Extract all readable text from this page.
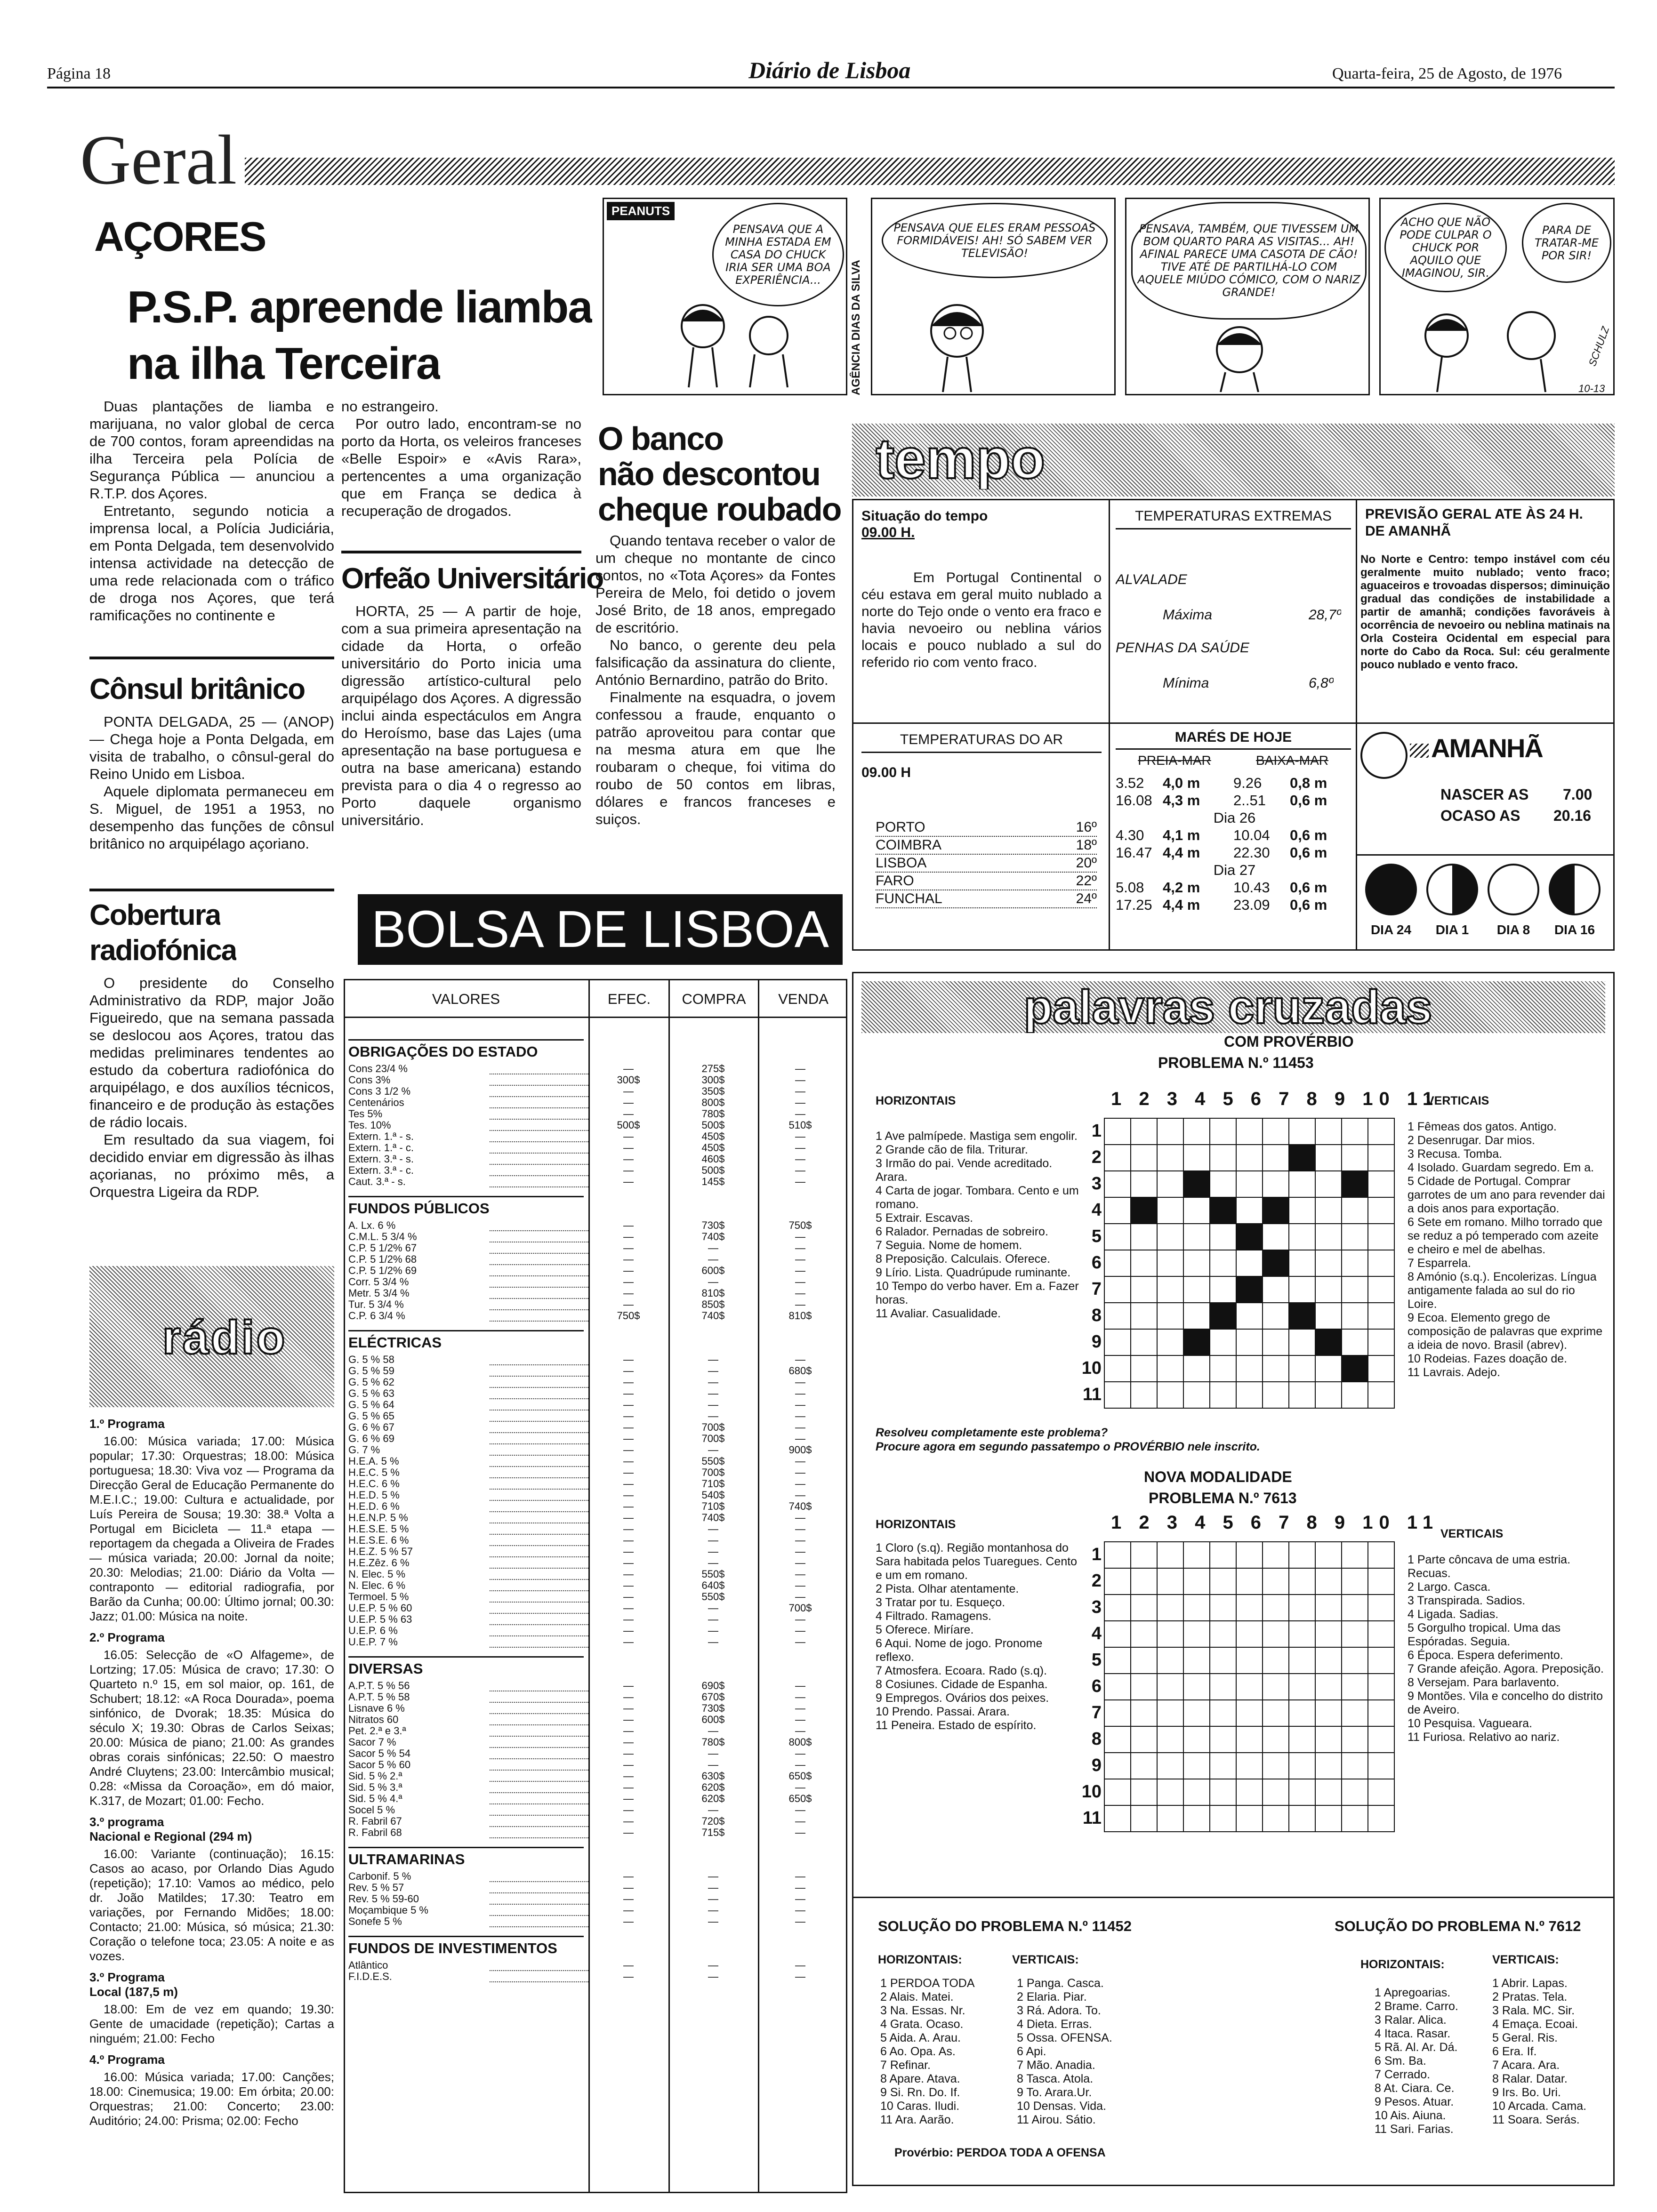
Página 18	Diário de Lisboa	Quarta-feira, 25 de Agosto, de 1976
Geral
AÇORES
P.S.P. apreende liamba
na ilha Terceira

Duas plantações de liamba e marijuana, no valor global de cerca de 700 contos, foram apreendidas na ilha Terceira pela Polícia de Segurança Pública — anunciou a R.T.P. dos Açores.

Entretanto, segundo noticia a imprensa local, a Polícia Judiciária, em Ponta Delgada, tem desenvolvido intensa actividade na detecção de uma rede relacionada com o tráfico de droga nos Açores, que terá ramificações no continente e

no estrangeiro.

Por outro lado, encontram-se no porto da Horta, os veleiros franceses «Belle Espoir» e «Avis Rara», pertencentes a uma organização que em França se dedica à recuperação de drogados.

Cônsul britânico

PONTA DELGADA, 25 — (ANOP) — Chega hoje a Ponta Delgada, em visita de trabalho, o cônsul-geral do Reino Unido em Lisboa.

Aquele diplomata permaneceu em S. Miguel, de 1951 a 1953, no desempenho das funções de cônsul britânico no arquipélago açoriano.

Cobertura
radiofónica

O presidente do Conselho Administrativo da RDP, major João Figueiredo, que na semana passada se deslocou aos Açores, tratou das medidas preliminares tendentes ao estudo da cobertura radiofónica do arquipélago, e dos auxílios técnicos, financeiro e de produção às estações de rádio locais.

Em resultado da sua viagem, foi decidido enviar em digressão às ilhas açorianas, no próximo mês, a Orquestra Ligeira da RDP.

rádio
1.º Programa
16.00: Música variada; 17.00: Música popular; 17.30: Orquestras; 18.00: Música portuguesa; 18.30: Viva voz — Programa da Direcção Geral de Educação Permanente do M.E.I.C.; 19.00: Cultura e actualidade, por Luís Pereira de Sousa; 19.30: 38.ª Volta a Portugal em Bicicleta — 11.ª etapa — reportagem da chegada a Oliveira de Frades — música variada; 20.00: Jornal da noite; 20.30: Melodias; 21.00: Diário da Volta — contraponto — editorial radiografia, por Barão da Cunha; 00.00: Último jornal; 00.30: Jazz; 01.00: Música na noite.
2.º Programa
16.05: Selecção de «O Alfageme», de Lortzing; 17.05: Música de cravo; 17.30: O Quarteto n.º 15, em sol maior, op. 161, de Schubert; 18.12: «A Roca Dourada», poema sinfónico, de Dvorak; 18.35: Música do século X; 19.30: Obras de Carlos Seixas; 20.00: Música de piano; 21.00: As grandes obras corais sinfónicas; 22.50: O maestro André Cluytens; 23.00: Intercâmbio musical; 0.28: «Missa da Coroação», em dó maior, K.317, de Mozart; 01.00: Fecho.
3.º programa
Nacional e Regional (294 m)
16.00: Variante (continuação); 16.15: Casos ao acaso, por Orlando Dias Agudo (repetição); 17.10: Vamos ao médico, pelo dr. João Matildes; 17.30: Teatro em variações, por Fernando Midões; 18.00: Contacto; 21.00: Música, só música; 21.30: Coração o telefone toca; 23.05: A noite e as vozes.
3.º Programa
Local (187,5 m)
18.00: Em de vez em quando; 19.30: Gente de umacidade (repetição); Cartas a ninguém; 21.00: Fecho
4.º Programa
16.00: Música variada; 17.00: Canções; 18.00: Cinemusica; 19.00: Em órbita; 20.00: Orquestras; 21.00: Concerto; 23.00: Auditório; 24.00: Prisma; 02.00: Fecho
Orfeão Universitário

HORTA, 25 — A partir de hoje, com a sua primeira apresentação na cidade da Horta, o orfeão universitário do Porto inicia uma digressão artístico-cultural pelo arquipélago dos Açores. A digressão inclui ainda espectáculos em Angra do Heroísmo, base das Lajes (uma apresentação na base portuguesa e outra na base americana) estando prevista para o dia 4 o regresso ao Porto daquele organismo universitário.

O banco
não descontou
cheque roubado

Quando tentava receber o valor de um cheque no montante de cinco contos, no «Tota Açores» da Fontes Pereira de Melo, foi detido o jovem José Brito, de 18 anos, empregado de escritório.

No banco, o gerente deu pela falsificação da assinatura do cliente, António Bernardino, patrão do Brito.

Finalmente na esquadra, o jovem confessou a fraude, enquanto o patrão aproveitou para contar que na mesma atura em que lhe roubaram o cheque, foi vitima do roubo de 50 contos em libras, dólares e francos franceses e suiços.

PEANUTS
PENSAVA QUE A MINHA ESTADA EM CASA DO CHUCK IRIA SER UMA BOA EXPERIÊNCIA...	AGÊNCIA DIAS DA SILVA
PENSAVA QUE ELES ERAM PESSOAS FORMIDÁVEIS! AH! SÓ SABEM VER TELEVISÃO!
PENSAVA, TAMBÉM, QUE TIVESSEM UM BOM QUARTO PARA AS VISITAS... AH! AFINAL PARECE UMA CASOTA DE CÃO! TIVE ATÉ DE PARTILHÁ-LO COM AQUELE MIÚDO CÓMICO, COM O NARIZ GRANDE!
ACHO QUE NÃO PODE CULPAR O CHUCK POR AQUILO QUE IMAGINOU, SIR.
PARA DE TRATAR-ME POR SIR!
SCHULZ
10-13
tempo
Situação do tempo
09.00 H.

Em Portugal Continental o céu estava em geral muito nublado a norte do Tejo onde o vento era fraco e havia nevoeiro ou neblina vários locais e pouco nublado a sul do referido rio com vento fraco.

TEMPERATURAS EXTREMAS
ALVALADE
Máxima	28,7º
PENHAS DA SAÚDE
Mínima	6,8º
PREVISÃO GERAL ATE ÀS 24 H. DE AMANHÃ
No Norte e Centro: tempo instável com céu geralmente muito nublado; vento fraco; aguaceiros e trovoadas dispersos; diminuição gradual das condições de instabilidade a partir de amanhã; condições favoráveis à ocorrência de nevoeiro ou neblina matinais na Orla Costeira Ocidental em especial para norte do Cabo da Roca. Sul: céu geralmente pouco nublado e vento fraco.
TEMPERATURAS DO AR
09.00 H
PORTO	16º
COIMBRA	18º
LISBOA	20º
FARO	22º
FUNCHAL	24º
MARÉS DE HOJE
PREIA-MAR	BAIXA-MAR
3.52	4,0 m	9.26	0,8 m
16.08 4,3 m	2..51	0,6 m
Dia 26
4.30	4,1 m	10.04	0,6 m
16.47 4,4 m	22.30	0,6 m
Dia 27
5.08	4,2 m	10.43	0,6 m
17.25 4,4 m	23.09	0,6 m
AMANHÃ
NASCER AS 7.00
OCASO AS 20.16
DIA 24	DIA 1	DIA 8	DIA 16
BOLSA DE LISBOA
VALORES	EFEC.	COMPRA	VENDA
OBRIGAÇÕES DO ESTADO
Cons 23/4 %	—	275$	—
Cons 3%	300$	300$	—
Cons 3 1/2 %	—	350$	—
Centenários	—	800$	—
Tes 5%	—	780$	—
Tes. 10%	500$	500$	510$
Extern. 1.ª - s.	—	450$	—
Extern. 1.ª - c.	—	450$	—
Extern. 3.ª - s.	—	460$	—
Extern. 3.ª - c.	—	500$	—
Caut. 3.ª - s.	—	145$	—
FUNDOS PÚBLICOS
A. Lx. 6 %	—	730$	750$
C.M.L. 5 3/4 %	—	740$	—
C.P. 5 1/2% 67	—	—	—
C.P. 5 1/2% 68	—	—	—
C.P. 5 1/2% 69	—	600$	—
Corr. 5 3/4 %	—	—	—
Metr. 5 3/4 %	—	810$	—
Tur. 5 3/4 %	—	850$	—
C.P. 6 3/4 %	750$	740$	810$
ELÉCTRICAS
G. 5 % 58	—	—	—
G. 5 % 59	—	—	680$
G. 5 % 62	—	—	—
G. 5 % 63	—	—	—
G. 5 % 64	—	—	—
G. 5 % 65	—	—	—
G. 6 % 67	—	700$	—
G. 6 % 69	—	700$	—
G. 7 %	—	—	900$
H.E.A. 5 %	—	550$	—
H.E.C. 5 %	—	700$	—
H.E.C. 6 %	—	710$	—
H.E.D. 5 %	—	540$	—
H.E.D. 6 %	—	710$	740$
H.E.N.P. 5 %	—	740$	—
H.E.S.E. 5 %	—	—	—
H.E.S.E. 6 %	—	—	—
H.E.Z. 5 % 57	—	—	—
H.E.Zêz. 6 %	—	—	—
N. Elec. 5 %	—	550$	—
N. Elec. 6 %	—	640$	—
Termoel. 5 %	—	550$	—
U.E.P. 5 % 60	—	—	700$
U.E.P. 5 % 63	—	—	—
U.E.P. 6 %	—	—	—
U.E.P. 7 %	—	—	—
DIVERSAS
A.P.T. 5 % 56	—	690$	—
A.P.T. 5 % 58	—	670$	—
Lisnave 6 %	—	730$	—
Nitratos 60	—	600$	—
Pet. 2.ª e 3.ª	—	—	—
Sacor 7 %	—	780$	800$
Sacor 5 % 54	—	—	—
Sacor 5 % 60	—	—	—
Sid. 5 % 2.ª	—	630$	650$
Sid. 5 % 3.ª	—	620$	—
Sid. 5 % 4.ª	—	620$	650$
Socel 5 %	—	—	—
R. Fabril 67	—	720$	—
R. Fabril 68	—	715$	—
ULTRAMARINAS
Carbonif. 5 %	—	—	—
Rev. 5 % 57	—	—	—
Rev. 5 % 59-60	—	—	—
Moçambique 5 %	—	—	—
Sonefe 5 %	—	—	—
FUNDOS DE INVESTIMENTOS
Atlântico	—	—	—
F.I.D.E.S.	—	—	—
palavras cruzadas
COM PROVÉRBIO
PROBLEMA N.º 11453
HORIZONTAIS
1 Ave palmípede. Mastiga sem engolir.
2 Grande cão de fila. Triturar.
3 Irmão do pai. Vende acreditado. Arara.
4 Carta de jogar. Tombara. Cento e um romano.
5 Extrair. Escavas.
6 Ralador. Pernadas de sobreiro.
7 Seguia. Nome de homem.
8 Preposição. Calculais. Oferece.
9 Lírio. Lista. Quadrúpude ruminante.
10 Tempo do verbo haver. Em a. Fazer horas.
11 Avaliar. Casualidade.
VERTICAIS
1 Fêmeas dos gatos. Antigo.
2 Desenrugar. Dar mios.
3 Recusa. Tomba.
4 Isolado. Guardam segredo. Em a.
5 Cidade de Portugal. Comprar garrotes de um ano para revender dai a dois anos para exportação.
6 Sete em romano. Milho torrado que se reduz a pó temperado com azeite e cheiro e mel de abelhas.
7 Esparrela.
8 Amónio (s.q.). Encolerizas. Língua antigamente falada ao sul do rio Loire.
9 Ecoa. Elemento grego de composição de palavras que exprime a ideia de novo. Brasil (abrev).
10 Rodeias. Fazes doação de.
11 Lavrais. Adejo.
1 2 3 4 5 6 7 8 9 10 11
1
2
3
4
5
6
7
8
9
10
11

Resolveu completamente este problema?
Procure agora em segundo passatempo o PROVÉRBIO nele inscrito.
NOVA MODALIDADE
PROBLEMA N.º 7613
HORIZONTAIS
1 Cloro (s.q). Região montanhosa do Sara habitada pelos Tuaregues. Cento e um em romano.
2 Pista. Olhar atentamente.
3 Tratar por tu. Esqueço.
4 Filtrado. Ramagens.
5 Oferece. Miríare.
6 Aqui. Nome de jogo. Pronome reflexo.
7 Atmosfera. Ecoara. Rado (s.q).
8 Cosiunes. Cidade de Espanha.
9 Empregos. Ovários dos peixes.
10 Prendo. Passai. Arara.
11 Peneira. Estado de espírito.
VERTICAIS
1 Parte côncava de uma estria. Recuas.
2 Largo. Casca.
3 Transpirada. Sadios.
4 Ligada. Sadias.
5 Gorgulho tropical. Uma das Espóradas. Seguia.
6 Época. Espera deferimento.
7 Grande afeição. Agora. Preposição.
8 Versejam. Para barlavento.
9 Montões. Vila e concelho do distrito de Aveiro.
10 Pesquisa. Vagueara.
11 Furiosa. Relativo ao nariz.
1 2 3 4 5 6 7 8 9 10 11
1
2
3
4
5
6
7
8
9
10
11

SOLUÇÃO DO PROBLEMA N.º 11452	SOLUÇÃO DO PROBLEMA N.º 7612
HORIZONTAIS:	VERTICAIS:	HORIZONTAIS:	VERTICAIS:
1 PERDOA TODA
2 Alais. Matei.
3 Na. Essas. Nr.
4 Grata. Ocaso.
5 Aida. A. Arau.
6 Ao. Opa. As.
7 Refinar.
8 Apare. Atava.
9 Si. Rn. Do. If.
10 Caras. Iludi.
11 Ara. Aarão.
1 Panga. Casca.
2 Elaria. Piar.
3 Rá. Adora. To.
4 Dieta. Erras.
5 Ossa. OFENSA.
6 Api.
7 Mão. Anadia.
8 Tasca. Atola.
9 To. Arara.Ur.
10 Densas. Vida.
11 Airou. Sátio.
1 Apregoarias.
2 Brame. Carro.
3 Ralar. Alica.
4 Itaca. Rasar.
5 Rã. Al. Ar. Dá.
6 Sm. Ba.
7 Cerrado.
8 At. Ciara. Ce.
9 Pesos. Atuar.
10 Ais. Aiuna.
11 Sari. Farias.
1 Abrir. Lapas.
2 Pratas. Tela.
3 Rala. MC. Sir.
4 Emaça. Ecoai.
5 Geral. Ris.
6 Era. If.
7 Acara. Ara.
8 Ralar. Datar.
9 Irs. Bo. Uri.
10 Arcada. Cama.
11 Soara. Serás.
Provérbio: PERDOA TODA A OFENSA
